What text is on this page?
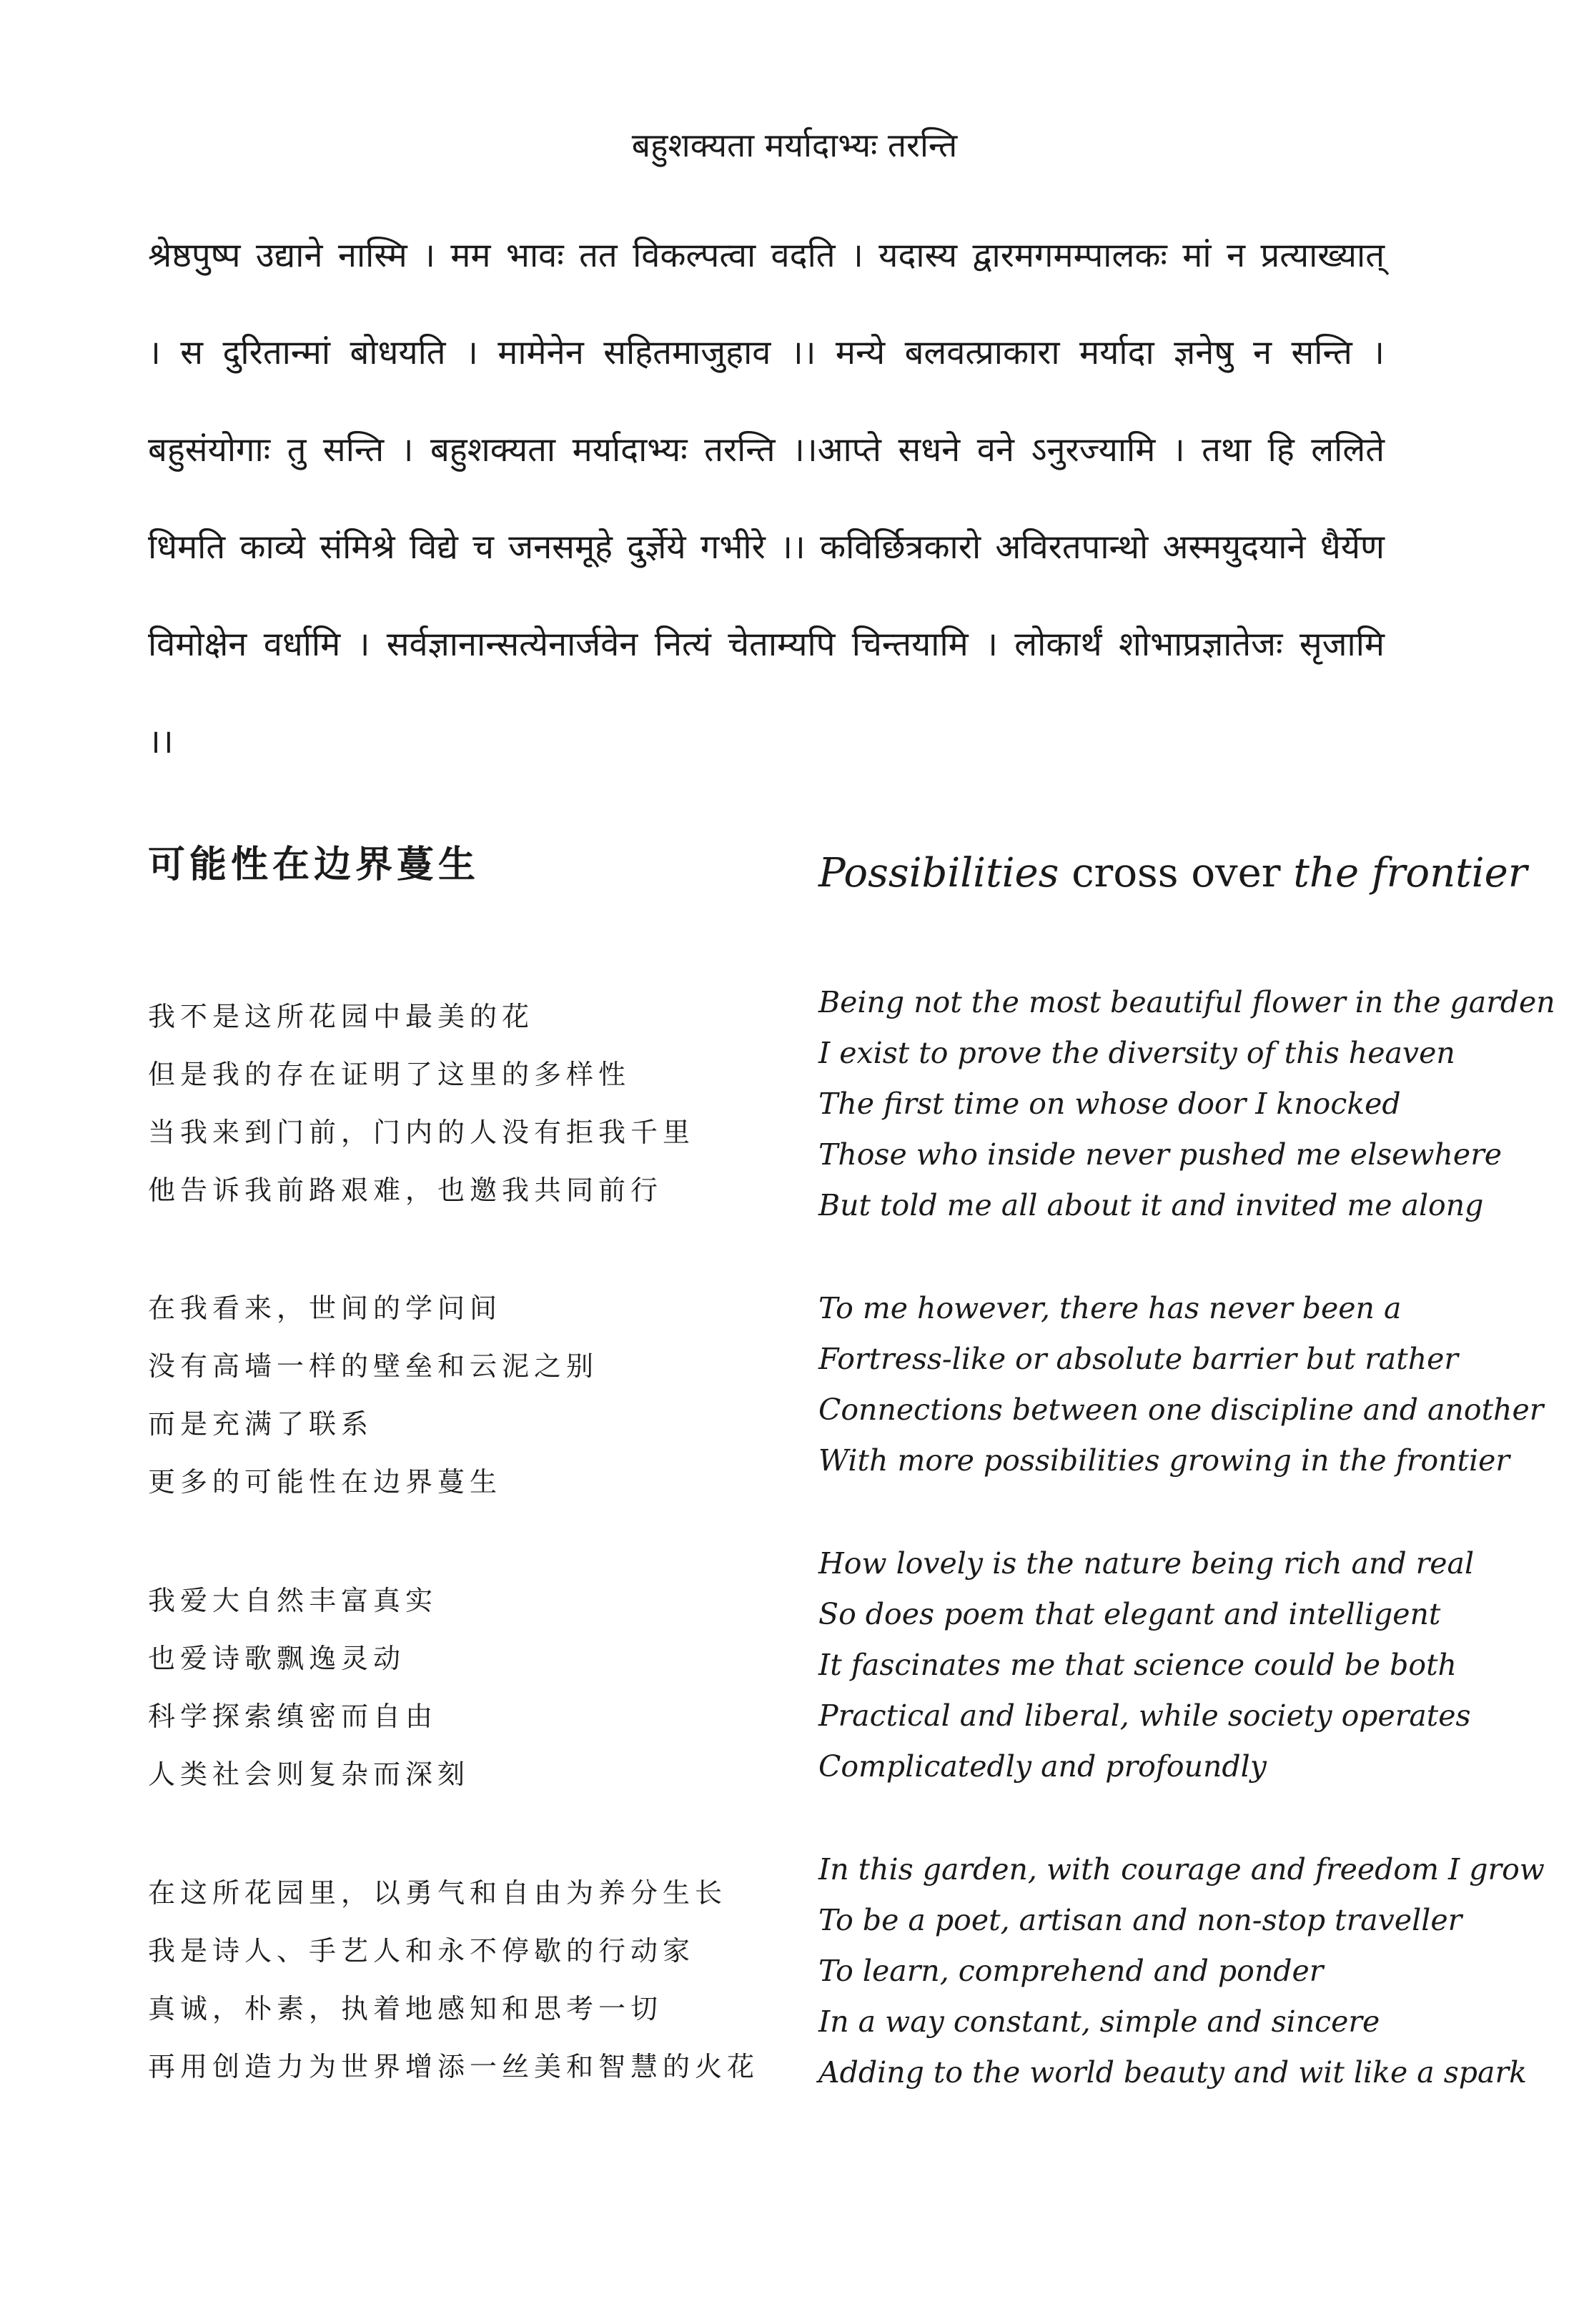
बहुशक्यता मर्यादाभ्यः तरन्ति
श्रेष्ठपुष्प उद्याने नास्मि । मम भावः तत विकल्पत्वा वदति । यदास्य द्वारमगमम्पालकः मां न प्रत्याख्यात् । स दुरितान्मां बोधयति । मामेनेन सहितमाजुहाव ।। मन्ये बलवत्प्राकारा मर्यादा ज्ञनेषु न सन्ति । बहुसंयोगाः तु सन्ति । बहुशक्यता मर्यादाभ्यः तरन्ति ।।आप्ते सधने वने ऽनुरज्यामि । तथा हि ललिते धिमति काव्ये संमिश्रे विद्ये च जनसमूहे दुर्ज्ञेये गभीरे ।। कविर्छित्रकारो अविरतपान्थो अस्मयुदयाने धैर्येण विमोक्षेन वर्धामि । सर्वज्ञानान्सत्येनार्जवेन नित्यं चेताम्यपि चिन्तयामि । लोकार्थं शोभाप्रज्ञातेजः सृजामि ।।
可能性在边界蔓生	Possibilities cross over the frontier
我不是这所花园中最美的花
但是我的存在证明了这里的多样性
当我来到门前，门内的人没有拒我千里
他告诉我前路艰难，也邀我共同前行
在我看来，世间的学问间
没有高墙一样的壁垒和云泥之别
而是充满了联系
更多的可能性在边界蔓生
我爱大自然丰富真实
也爱诗歌飘逸灵动
科学探索缜密而自由
人类社会则复杂而深刻
在这所花园里，以勇气和自由为养分生长
我是诗人、手艺人和永不停歇的行动家
真诚，朴素，执着地感知和思考一切
再用创造力为世界增添一丝美和智慧的火花
Being not the most beautiful flower in the garden
I exist to prove the diversity of this heaven
The first time on whose door I knocked
Those who inside never pushed me elsewhere
But told me all about it and invited me along
To me however, there has never been a
Fortress-like or absolute barrier but rather
Connections between one discipline and another
With more possibilities growing in the frontier
How lovely is the nature being rich and real
So does poem that elegant and intelligent
It fascinates me that science could be both
Practical and liberal, while society operates
Complicatedly and profoundly
In this garden, with courage and freedom I grow
To be a poet, artisan and non-stop traveller
To learn, comprehend and ponder
In a way constant, simple and sincere
Adding to the world beauty and wit like a spark
